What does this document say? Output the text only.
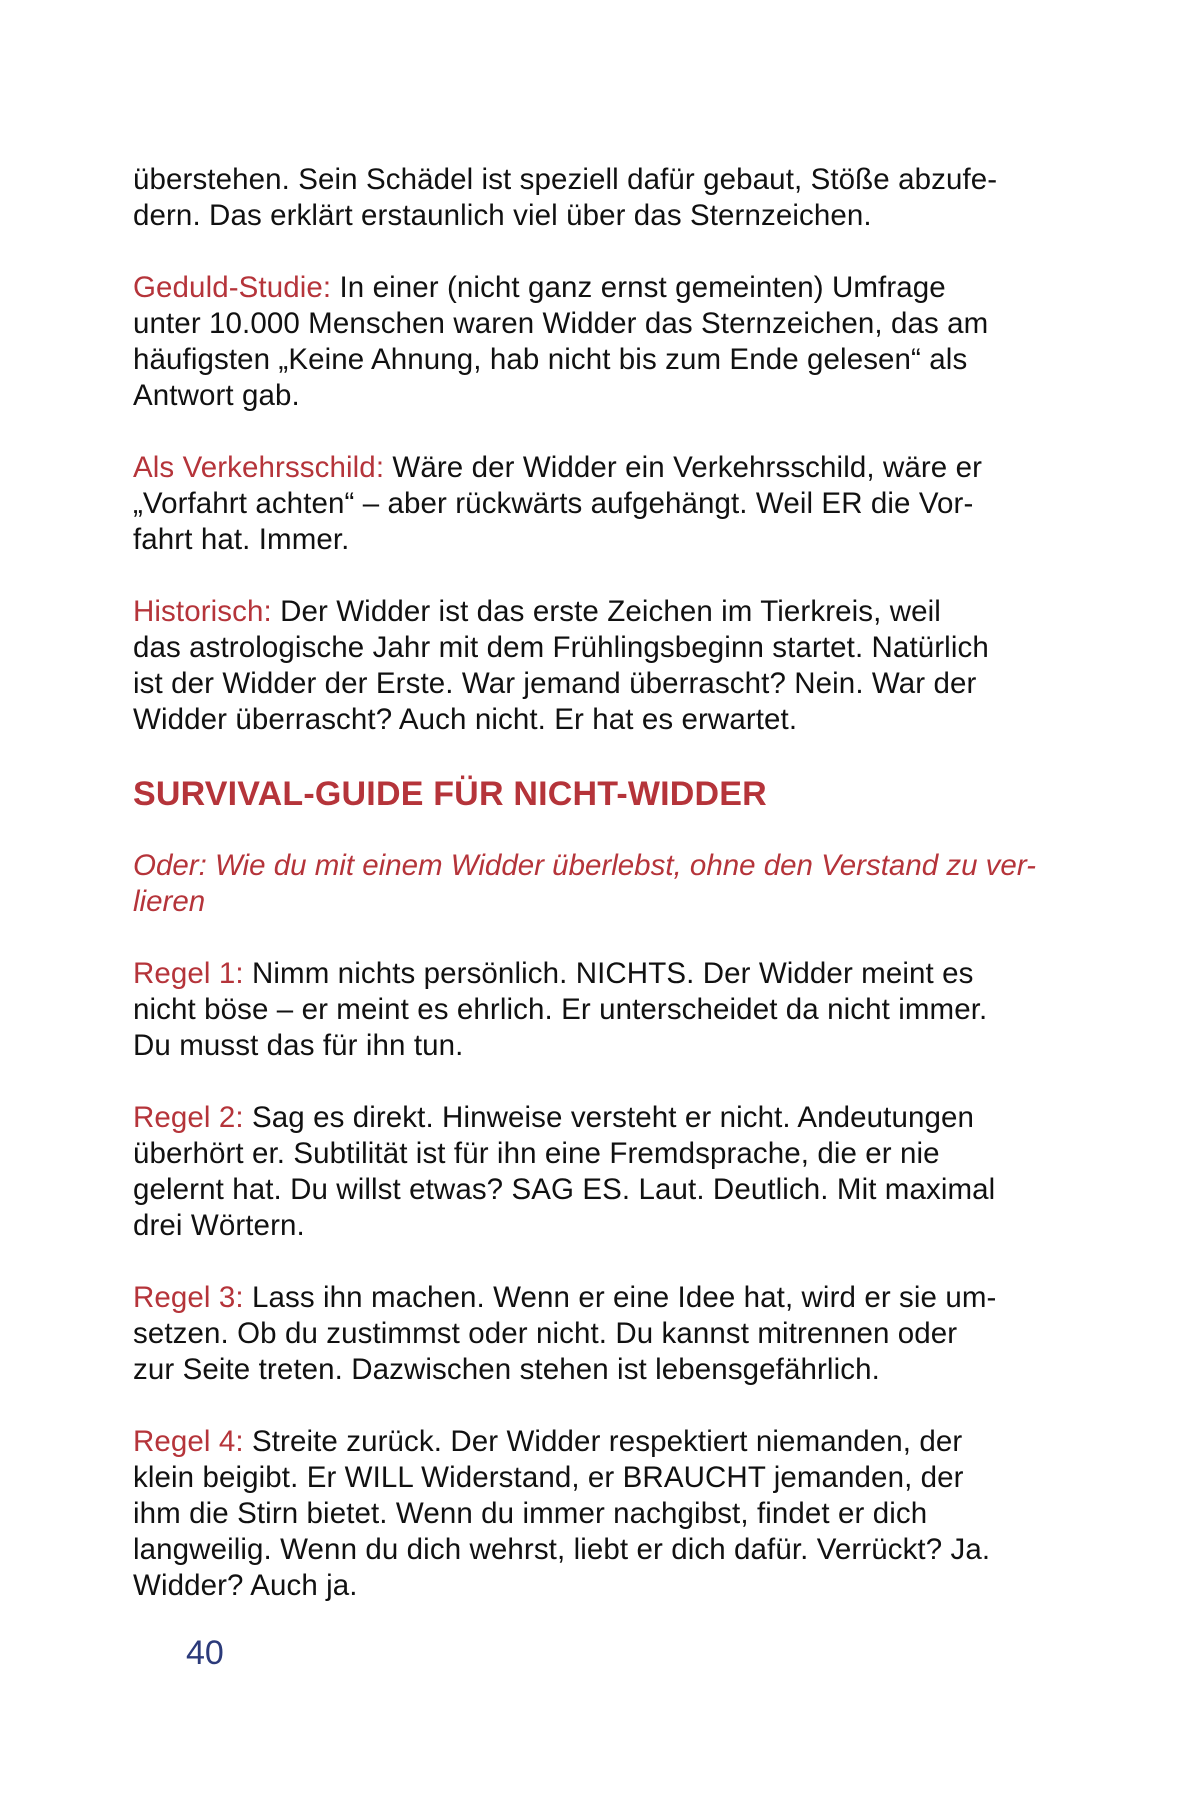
überstehen. Sein Schädel ist speziell dafür gebaut, Stöße abzufe-
dern. Das erklärt erstaunlich viel über das Sternzeichen.

Geduld-Studie: In einer (nicht ganz ernst gemeinten) Umfrage
unter 10.000 Menschen waren Widder das Sternzeichen, das am
häufigsten „Keine Ahnung, hab nicht bis zum Ende gelesen“ als
Antwort gab.

Als Verkehrsschild: Wäre der Widder ein Verkehrsschild, wäre er
„Vorfahrt achten“ – aber rückwärts aufgehängt. Weil ER die Vor-
fahrt hat. Immer.

Historisch: Der Widder ist das erste Zeichen im Tierkreis, weil
das astrologische Jahr mit dem Frühlingsbeginn startet. Natürlich
ist der Widder der Erste. War jemand überrascht? Nein. War der
Widder überrascht? Auch nicht. Er hat es erwartet.

SURVIVAL-GUIDE FÜR NICHT-WIDDER

Oder: Wie du mit einem Widder überlebst, ohne den Verstand zu ver-
lieren

Regel 1: Nimm nichts persönlich. NICHTS. Der Widder meint es
nicht böse – er meint es ehrlich. Er unterscheidet da nicht immer.
Du musst das für ihn tun.

Regel 2: Sag es direkt. Hinweise versteht er nicht. Andeutungen
überhört er. Subtilität ist für ihn eine Fremdsprache, die er nie
gelernt hat. Du willst etwas? SAG ES. Laut. Deutlich. Mit maximal
drei Wörtern.

Regel 3: Lass ihn machen. Wenn er eine Idee hat, wird er sie um-
setzen. Ob du zustimmst oder nicht. Du kannst mitrennen oder
zur Seite treten. Dazwischen stehen ist lebensgefährlich.

Regel 4: Streite zurück. Der Widder respektiert niemanden, der
klein beigibt. Er WILL Widerstand, er BRAUCHT jemanden, der
ihm die Stirn bietet. Wenn du immer nachgibst, findet er dich
langweilig. Wenn du dich wehrst, liebt er dich dafür. Verrückt? Ja.
Widder? Auch ja.

40
